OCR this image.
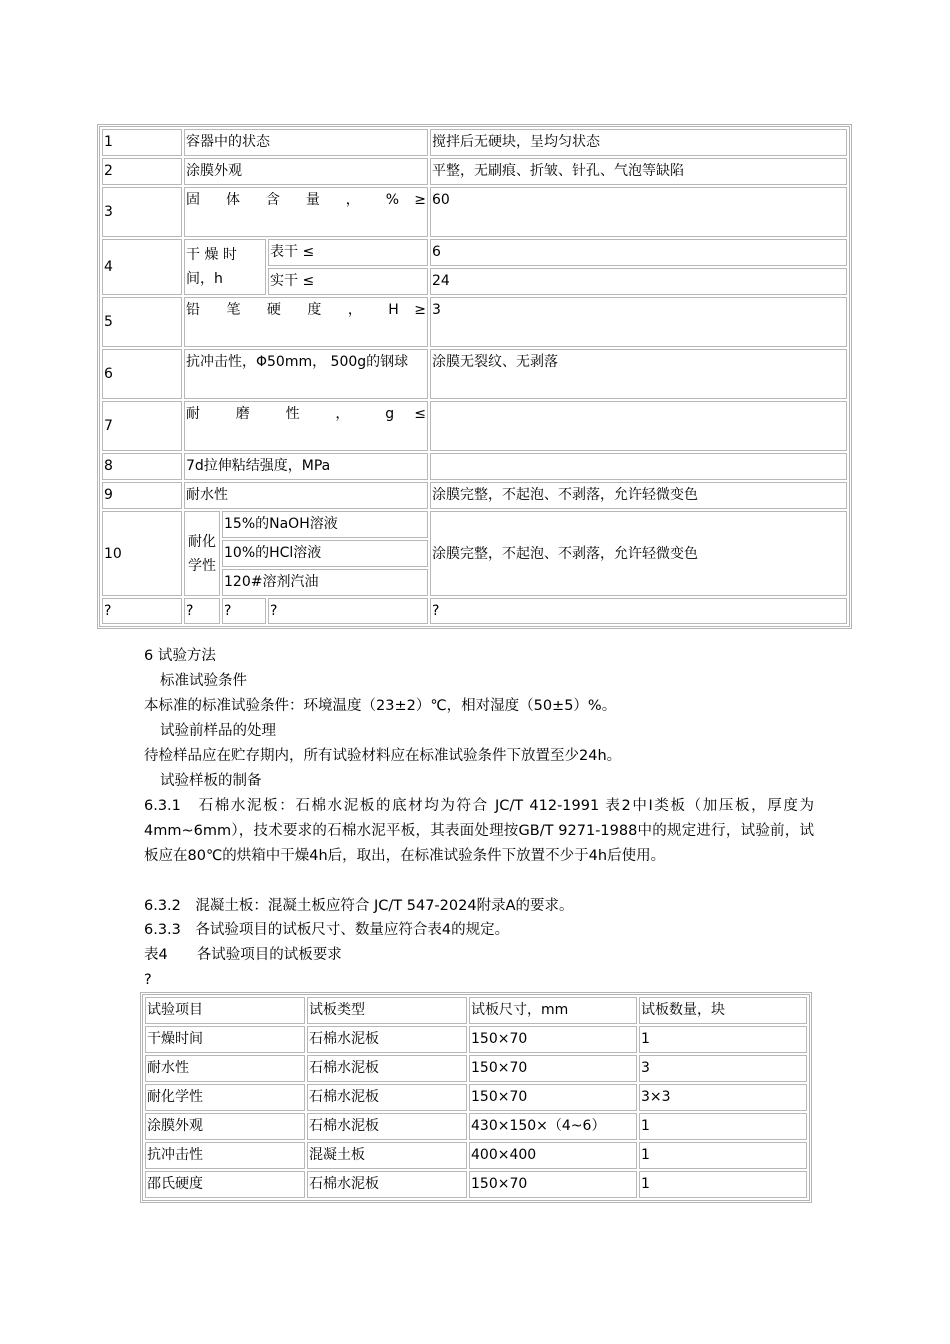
1	容器中的状态			搅拌后无硬块，呈均匀状态
2	涂膜外观			平整，无刷痕、折皱、针孔、气泡等缺陷
3	固 体 含 量 ， % ≥			60
4	干 燥 时 间，h		表干 ≤	6
			实干 ≤	24
5	铅 笔 硬 度 ， H ≥			3
6	抗冲击性，Φ50mm， 500g的钢球			涂膜无裂纹、无剥落
7	耐 磨 性 ， g ≤			
8	7d拉伸粘结强度，MPa			
9	耐水性			涂膜完整，不起泡、不剥落，允许轻微变色
10	耐化学性	15%的NaOH溶液		涂膜完整，不起泡、不剥落，允许轻微变色
		10%的HCl溶液		
		120#溶剂汽油		
?	?	?	?	?
6 试验方法
标准试验条件
本标准的标准试验条件：环境温度（23±2）℃，相对湿度（50±5）%。
试验前样品的处理
待检样品应在贮存期内，所有试验材料应在标准试验条件下放置至少24h。
试验样板的制备
6.3.1　石棉水泥板：石棉水泥板的底材均为符合 JC/T 412-1991 表2中Ⅰ类板（加压板，厚度为4mm~6mm），技术要求的石棉水泥平板，其表面处理按GB/T 9271-1988中的规定进行，试验前，试板应在80℃的烘箱中干燥4h后，取出，在标准试验条件下放置不少于4h后使用。
6.3.2　混凝土板：混凝土板应符合 JC/T 547-2024附录A的要求。
6.3.3　各试验项目的试板尺寸、数量应符合表4的规定。
表4　　各试验项目的试板要求
?
试验项目	试板类型	试板尺寸，mm	试板数量，块
干燥时间	石棉水泥板	150×70	1
耐水性	石棉水泥板	150×70	3
耐化学性	石棉水泥板	150×70	3×3
涂膜外观	石棉水泥板	430×150×（4~6）	1
抗冲击性	混凝土板	400×400	1
邵氏硬度	石棉水泥板	150×70	1
